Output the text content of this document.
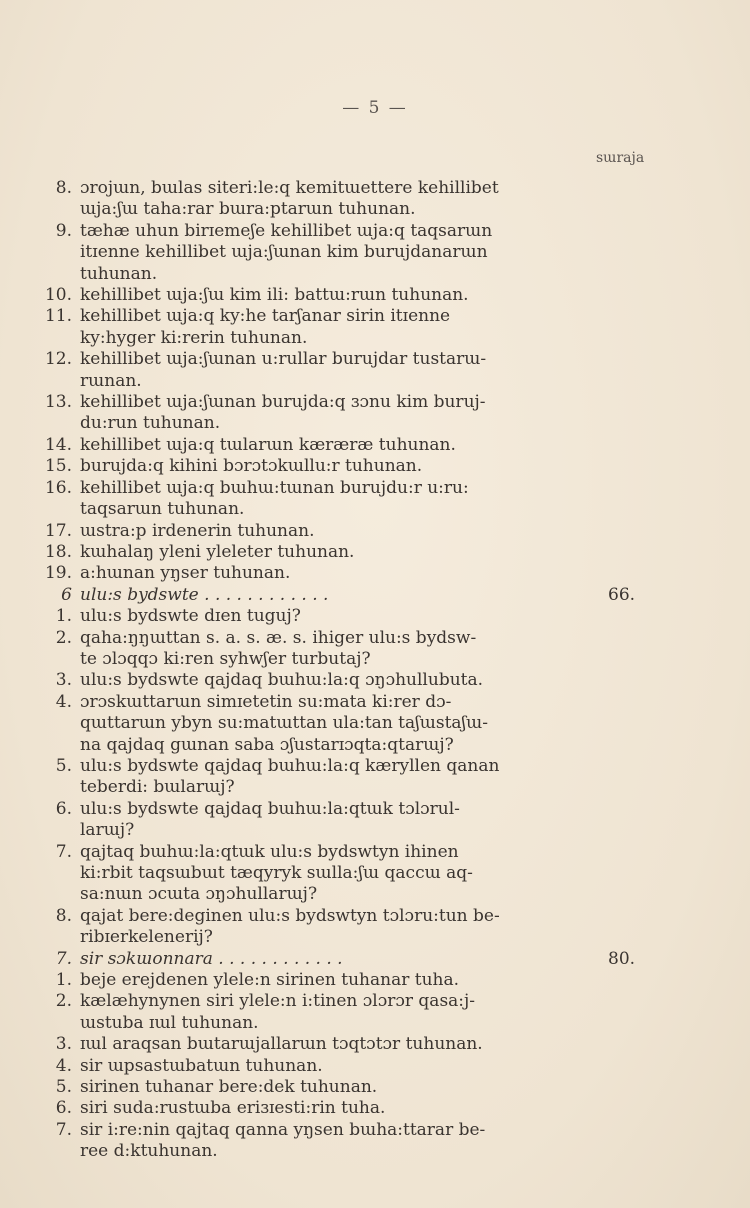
— 5 —
sɯraja
8. ɔrojɯn, bɯlas siteri:le:q kemitɯettere kehillibet
ɯja:ʃɯ taha:rar bɯra:ptarɯn tuhunan.
9. tæhæ uhun birɪemeʃe kehillibet ɯja:q taqsarɯn
itɪenne kehillibet ɯja:ʃɯnan kim burujdanarɯn
tuhunan.
10. kehillibet ɯja:ʃɯ kim ili: battɯ:rɯn tuhunan.
11. kehillibet ɯja:q ky:he tarʃanar sirin itɪenne
ky:hyger ki:rerin tuhunan.
12. kehillibet ɯja:ʃɯnan u:rullar burujdar tustarɯ-
rɯnan.
13. kehillibet ɯja:ʃɯnan burujda:q ɜɔnu kim buruj-
du:run tuhunan.
14. kehillibet ɯja:q tɯlarɯn kæræræ tuhunan.
15. burujda:q kihini bɔrɔtɔkɯllu:r tuhunan.
16. kehillibet ɯja:q bɯhɯ:tɯnan burujdu:r u:ru:
taqsarɯn tuhunan.
17. ɯstra:p irdenerin tuhunan.
18. kɯhalaŋ yleni yleleter tuhunan.
19. a:hɯnan yŋser tuhunan.
6 ulu:s bydswte . . . . . . . . . . . .	66.
1. ulu:s bydswte dɪen tuguj?
2. qaha:ŋŋɯttan s. a. s. æ. s. ihiger ulu:s bydsw-
te ɔlɔqqɔ ki:ren syhwʃer turbutaj?
3. ulu:s bydswte qajdaq bɯhɯ:la:q ɔŋɔhullubuta.
4. ɔrɔskɯttarɯn simɪetetin su:mata ki:rer dɔ-
qɯttarɯn ybyn su:matɯttan ula:tan taʃɯstaʃɯ-
na qajdaq gɯnan saba ɔʃustarɪɔqta:qtarɯj?
5. ulu:s bydswte qajdaq bɯhɯ:la:q kæryllen qanan
teberdi: bɯlarɯj?
6. ulu:s bydswte qajdaq bɯhɯ:la:qtɯk tɔlɔrul-
larɯj?
7. qajtaq bɯhɯ:la:qtɯk ulu:s bydswtyn ihinen
ki:rbit taqsɯbɯt tæqyryk sɯlla:ʃɯ qaccɯ aq-
sa:nɯn ɔcɯta ɔŋɔhullarɯj?
8. qajat bere:deginen ulu:s bydswtyn tɔlɔru:tun be-
ribɪerkelenerij?
7. sir sɔkɯonnara . . . . . . . . . . . .	80.
1. beje erejdenen ylele:n sirinen tuhanar tuha.
2. kælæhynynen siri ylele:n i:tinen ɔlɔrɔr qasa:j-
ɯstuba ɪɯl tuhunan.
3. ɪɯl araqsan bɯtarɯjallarɯn tɔqtɔtɔr tuhunan.
4. sir ɯpsastɯbatɯn tuhunan.
5. sirinen tuhanar bere:dek tuhunan.
6. siri suda:rustɯba eriɜɪesti:rin tuha.
7. sir i:re:nin qajtaq qanna yŋsen bɯha:ttarar be-
ree d:ktuhunan.
